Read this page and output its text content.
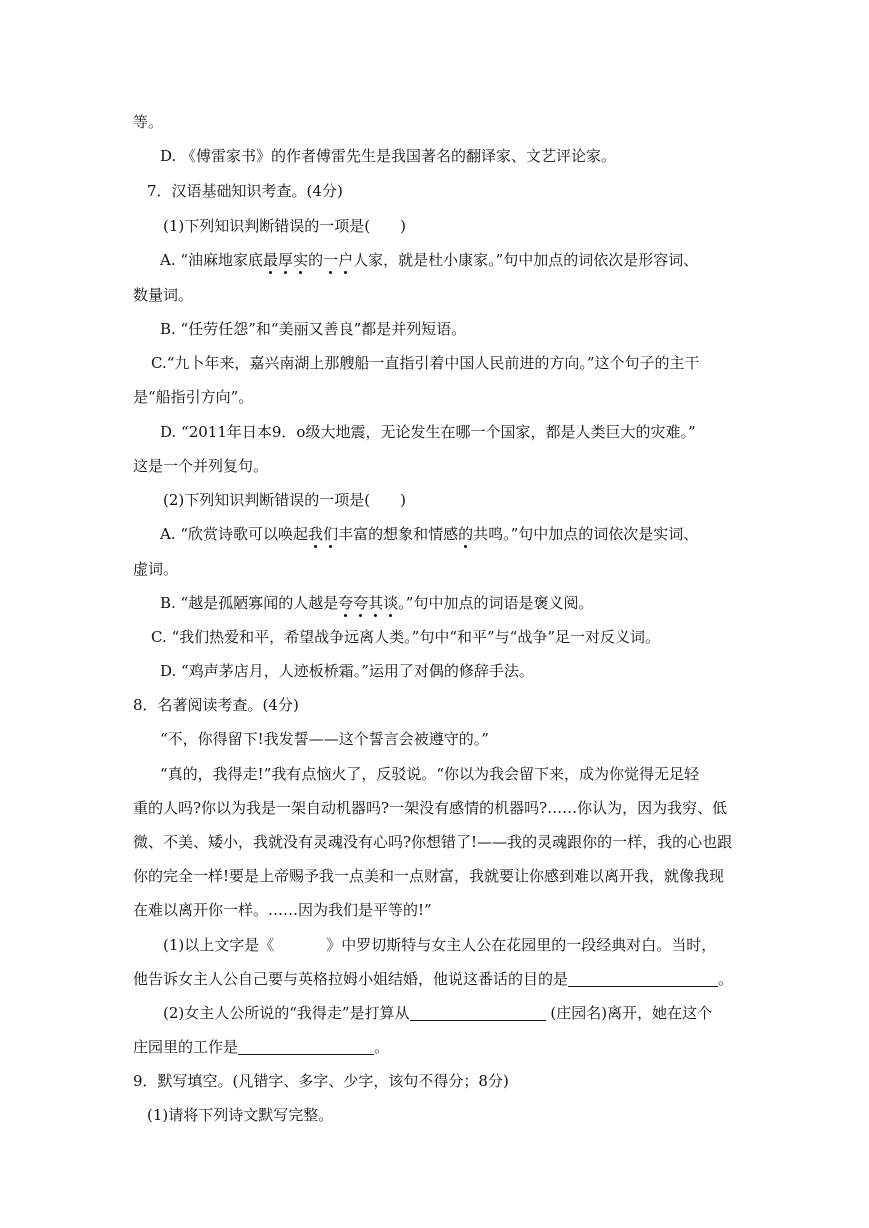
等。
D. 《傅雷家书》的作者傅雷先生是我国著名的翻译家、文艺评论家。
7．汉语基础知识考查。(4分)
(1)下列知识判断错误的一项是(　　)
A. “油麻地家底最厚实的一户人家，就是杜小康家。”句中加点的词依次是形容词、
数量词。
B. “任劳任怨”和“美丽又善良”都是并列短语。
C.“九卜年来，嘉兴南湖上那艘船一直指引着中国人民前进的方向。”这个句子的主干
是“船指引方向”。
D. “2011年日本9．o级大地震，无论发生在哪一个国家，都是人类巨大的灾难。”
这是一个并列复句。
(2)下列知识判断错误的一项是(　　)
A. “欣赏诗歌可以唤起我们丰富的想象和情感的共鸣。”句中加点的词依次是实词、
虚词。
B. “越是孤陋寡闻的人越是夸夸其谈。”句中加点的词语是褒义阅。
C. “我们热爱和平，希望战争远离人类。”句中“和平”与“战争”足一对反义词。
D. “鸡声茅店月，人迹板桥霜。”运用了对偶的修辞手法。
8．名著阅读考查。(4分)
“不，你得留下!我发誓——这个誓言会被遵守的。”
“真的，我得走!”我有点恼火了，反驳说。“你以为我会留下来，成为你觉得无足轻
重的人吗?你以为我是一架自动机器吗?一架没有感情的机器吗?……你认为，因为我穷、低
微、不美、矮小，我就没有灵魂没有心吗?你想错了!——我的灵魂跟你的一样，我的心也跟
你的完全一样!要是上帝赐予我一点美和一点财富，我就要让你感到难以离开我，就像我现
在难以离开你一样。……因为我们是平等的!”
(1)以上文字是《	》中罗切斯特与女主人公在花园里的一段经典对白。当时，
他告诉女主人公自己要与英格拉姆小姐结婚，他说这番话的目的是	。
(2)女主人公所说的“我得走”是打算从	(庄园名)离开，她在这个
庄园里的工作是	。
9．默写填空。(凡错字、多字、少字，该句不得分；8分)
(1)请将下列诗文默写完整。
